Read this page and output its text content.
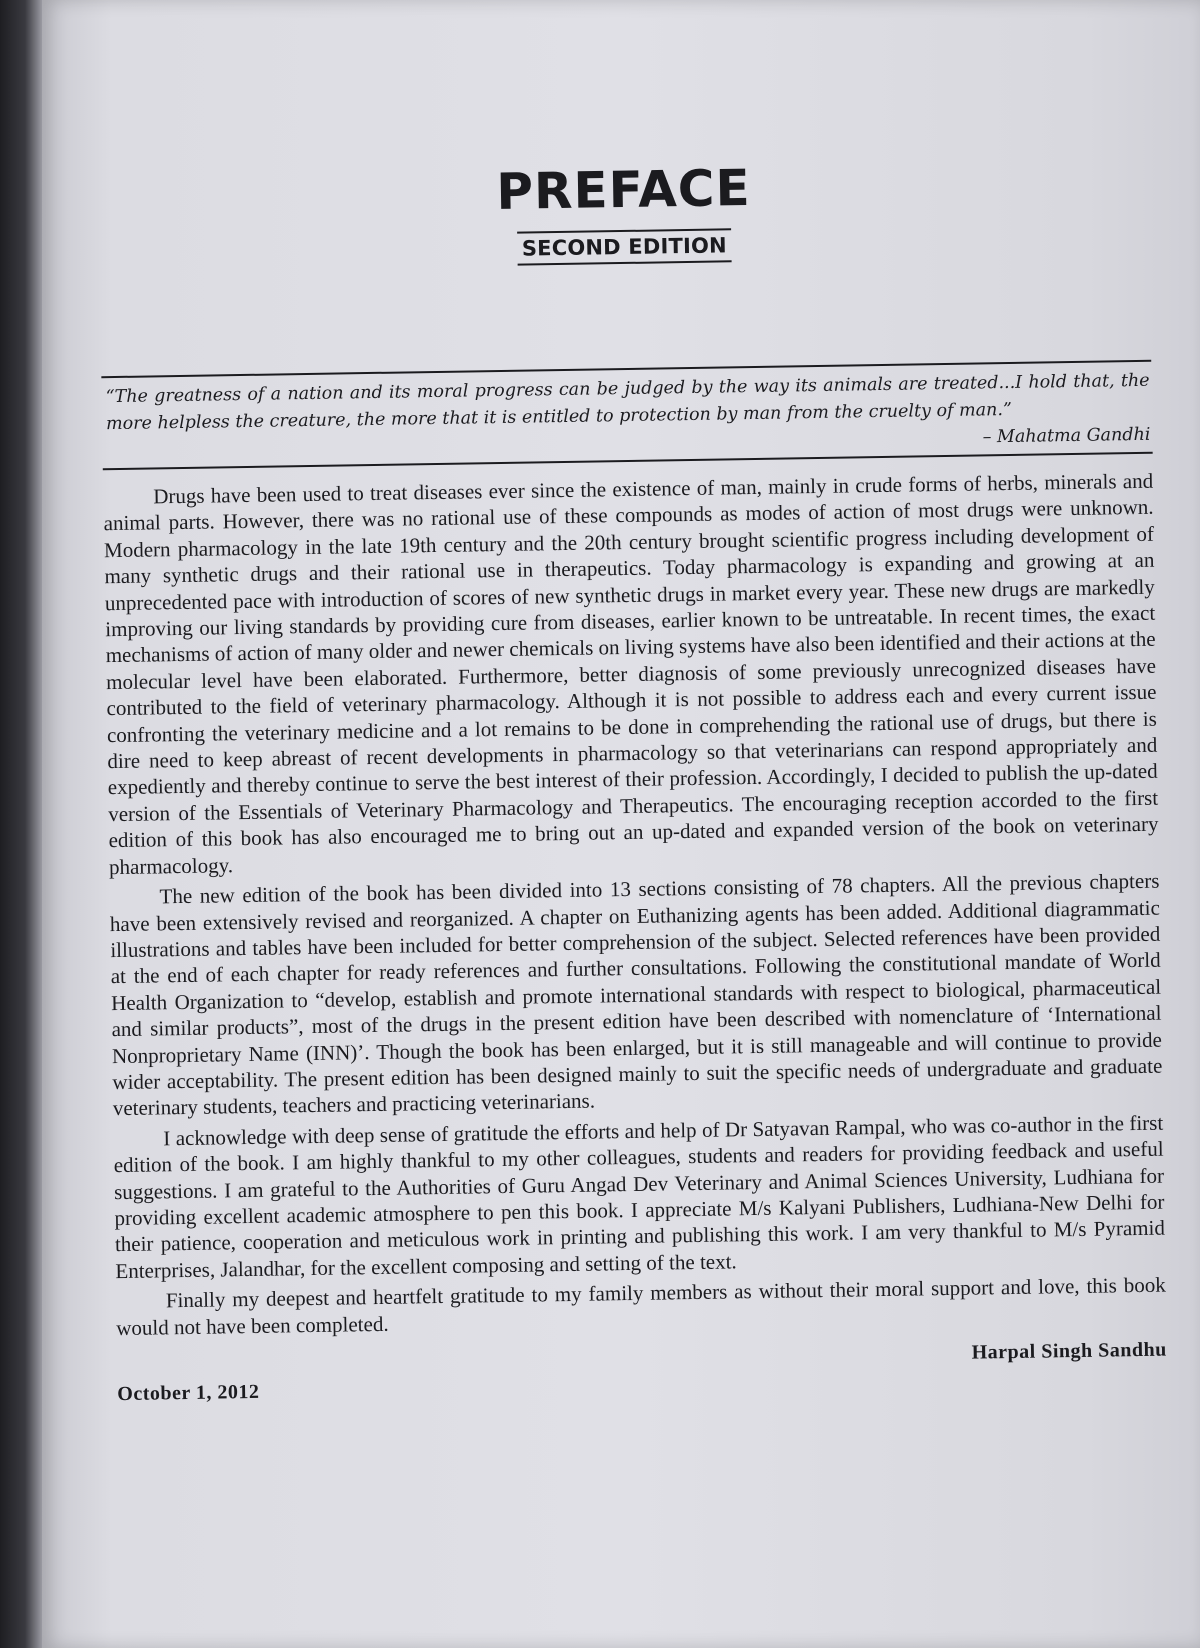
PREFACE
SECOND EDITION

“The greatness of a nation and its moral progress can be judged by the way its animals are treated...I hold that, the more helpless the creature, the more that it is entitled to protection by man from the cruelty of man.”

– Mahatma Gandhi

Drugs have been used to treat diseases ever since the existence of man, mainly in crude forms of herbs, minerals and animal parts. However, there was no rational use of these compounds as modes of action of most drugs were unknown. Modern pharmacology in the late 19th century and the 20th century brought scientific progress including development of many synthetic drugs and their rational use in therapeutics. Today pharmacology is expanding and growing at an unprecedented pace with introduction of scores of new synthetic drugs in market every year. These new drugs are markedly improving our living standards by providing cure from diseases, earlier known to be untreatable. In recent times, the exact mechanisms of action of many older and newer chemicals on living systems have also been identified and their actions at the molecular level have been elaborated. Furthermore, better diagnosis of some previously unrecognized diseases have contributed to the field of veterinary pharmacology. Although it is not possible to address each and every current issue confronting the veterinary medicine and a lot remains to be done in comprehending the rational use of drugs, but there is dire need to keep abreast of recent developments in pharmacology so that veterinarians can respond appropriately and expediently and thereby continue to serve the best interest of their profession. Accordingly, I decided to publish the up-dated version of the Essentials of Veterinary Pharmacology and Therapeutics. The encouraging reception accorded to the first edition of this book has also encouraged me to bring out an up-dated and expanded version of the book on veterinary pharmacology.

The new edition of the book has been divided into 13 sections consisting of 78 chapters. All the previous chapters have been extensively revised and reorganized. A chapter on Euthanizing agents has been added. Additional diagrammatic illustrations and tables have been included for better comprehension of the subject. Selected references have been provided at the end of each chapter for ready references and further consultations. Following the constitutional mandate of World Health Organization to “develop, establish and promote international standards with respect to biological, pharmaceutical and similar products”, most of the drugs in the present edition have been described with nomenclature of ‘International Nonproprietary Name (INN)’. Though the book has been enlarged, but it is still manageable and will continue to provide wider acceptability. The present edition has been designed mainly to suit the specific needs of undergraduate and graduate veterinary students, teachers and practicing veterinarians.

I acknowledge with deep sense of gratitude the efforts and help of Dr Satyavan Rampal, who was co-author in the first edition of the book. I am highly thankful to my other colleagues, students and readers for providing feedback and useful suggestions. I am grateful to the Authorities of Guru Angad Dev Veterinary and Animal Sciences University, Ludhiana for providing excellent academic atmosphere to pen this book. I appreciate M/s Kalyani Publishers, Ludhiana-New Delhi for their patience, cooperation and meticulous work in printing and publishing this work. I am very thankful to M/s Pyramid Enterprises, Jalandhar, for the excellent composing and setting of the text.

Finally my deepest and heartfelt gratitude to my family members as without their moral support and love, this book would not have been completed.

Harpal Singh Sandhu
October 1, 2012
